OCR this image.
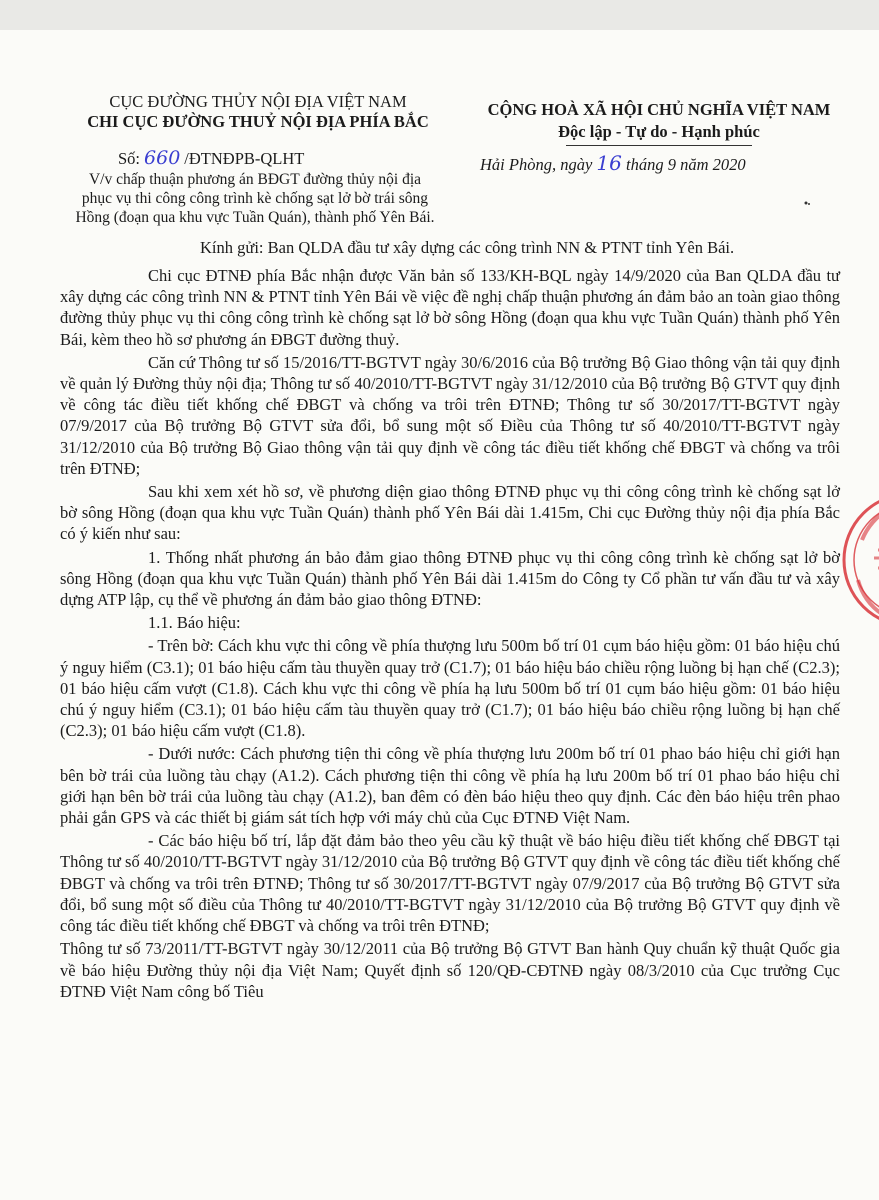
CỤC ĐƯỜNG THỦY NỘI ĐỊA VIỆT NAM
CHI CỤC ĐƯỜNG THUỶ NỘI ĐỊA PHÍA BẮC
CỘNG HOÀ XÃ HỘI CHỦ NGHĨA VIỆT NAM
Độc lập - Tự do - Hạnh phúc
Số: 660 /ĐTNĐPB-QLHT	Hải Phòng, ngày 16 tháng 9 năm 2020
V/v chấp thuận phương án BĐGT đường thủy nội địa
phục vụ thi công công trình kè chống sạt lở bờ trái sông
Hồng (đoạn qua khu vực Tuần Quán), thành phố Yên Bái.
Kính gửi: Ban QLDA đầu tư xây dựng các công trình NN & PTNT tỉnh Yên Bái.

Chi cục ĐTNĐ phía Bắc nhận được Văn bản số 133/KH-BQL ngày 14/9/2020 của Ban QLDA đầu tư xây dựng các công trình NN & PTNT tỉnh Yên Bái về việc đề nghị chấp thuận phương án đảm bảo an toàn giao thông đường thủy phục vụ thi công công trình kè chống sạt lở bờ sông Hồng (đoạn qua khu vực Tuần Quán) thành phố Yên Bái, kèm theo hồ sơ phương án ĐBGT đường thuỷ.

Căn cứ Thông tư số 15/2016/TT-BGTVT ngày 30/6/2016 của Bộ trưởng Bộ Giao thông vận tải quy định về quản lý Đường thủy nội địa; Thông tư số 40/2010/TT-BGTVT ngày 31/12/2010 của Bộ trưởng Bộ GTVT quy định về công tác điều tiết khống chế ĐBGT và chống va trôi trên ĐTNĐ; Thông tư số 30/2017/TT-BGTVT ngày 07/9/2017 của Bộ trưởng Bộ GTVT sửa đổi, bổ sung một số Điều của Thông tư số 40/2010/TT-BGTVT ngày 31/12/2010 của Bộ trưởng Bộ Giao thông vận tải quy định về công tác điều tiết khống chế ĐBGT và chống va trôi trên ĐTNĐ;

Sau khi xem xét hồ sơ, về phương diện giao thông ĐTNĐ phục vụ thi công công trình kè chống sạt lở bờ sông Hồng (đoạn qua khu vực Tuần Quán) thành phố Yên Bái dài 1.415m, Chi cục Đường thủy nội địa phía Bắc có ý kiến như sau:

1. Thống nhất phương án bảo đảm giao thông ĐTNĐ phục vụ thi công công trình kè chống sạt lở bờ sông Hồng (đoạn qua khu vực Tuần Quán) thành phố Yên Bái dài 1.415m do Công ty Cổ phần tư vấn đầu tư và xây dựng ATP lập, cụ thể về phương án đảm bảo giao thông ĐTNĐ:

1.1. Báo hiệu:

- Trên bờ: Cách khu vực thi công về phía thượng lưu 500m bố trí 01 cụm báo hiệu gồm: 01 báo hiệu chú ý nguy hiểm (C3.1); 01 báo hiệu cấm tàu thuyền quay trở (C1.7); 01 báo hiệu báo chiều rộng luồng bị hạn chế (C2.3); 01 báo hiệu cấm vượt (C1.8). Cách khu vực thi công về phía hạ lưu 500m bố trí 01 cụm báo hiệu gồm: 01 báo hiệu chú ý nguy hiểm (C3.1); 01 báo hiệu cấm tàu thuyền quay trở (C1.7); 01 báo hiệu báo chiều rộng luồng bị hạn chế (C2.3); 01 báo hiệu cấm vượt (C1.8).

- Dưới nước: Cách phương tiện thi công về phía thượng lưu 200m bố trí 01 phao báo hiệu chỉ giới hạn bên bờ trái của luồng tàu chạy (A1.2). Cách phương tiện thi công về phía hạ lưu 200m bố trí 01 phao báo hiệu chỉ giới hạn bên bờ trái của luồng tàu chạy (A1.2), ban đêm có đèn báo hiệu theo quy định. Các đèn báo hiệu trên phao phải gắn GPS và các thiết bị giám sát tích hợp với máy chủ của Cục ĐTNĐ Việt Nam.

- Các báo hiệu bố trí, lắp đặt đảm bảo theo yêu cầu kỹ thuật về báo hiệu điều tiết khống chế ĐBGT tại Thông tư số 40/2010/TT-BGTVT ngày 31/12/2010 của Bộ trưởng Bộ GTVT quy định về công tác điều tiết khống chế ĐBGT và chống va trôi trên ĐTNĐ; Thông tư số 30/2017/TT-BGTVT ngày 07/9/2017 của Bộ trưởng Bộ GTVT sửa đổi, bổ sung một số điều của Thông tư 40/2010/TT-BGTVT ngày 31/12/2010 của Bộ trưởng Bộ GTVT quy định về công tác điều tiết khống chế ĐBGT và chống va trôi trên ĐTNĐ;

Thông tư số 73/2011/TT-BGTVT ngày 30/12/2011 của Bộ trưởng Bộ GTVT Ban hành Quy chuẩn kỹ thuật Quốc gia về báo hiệu Đường thủy nội địa Việt Nam; Quyết định số 120/QĐ-CĐTNĐ ngày 08/3/2010 của Cục trưởng Cục ĐTNĐ Việt Nam công bố Tiêu
